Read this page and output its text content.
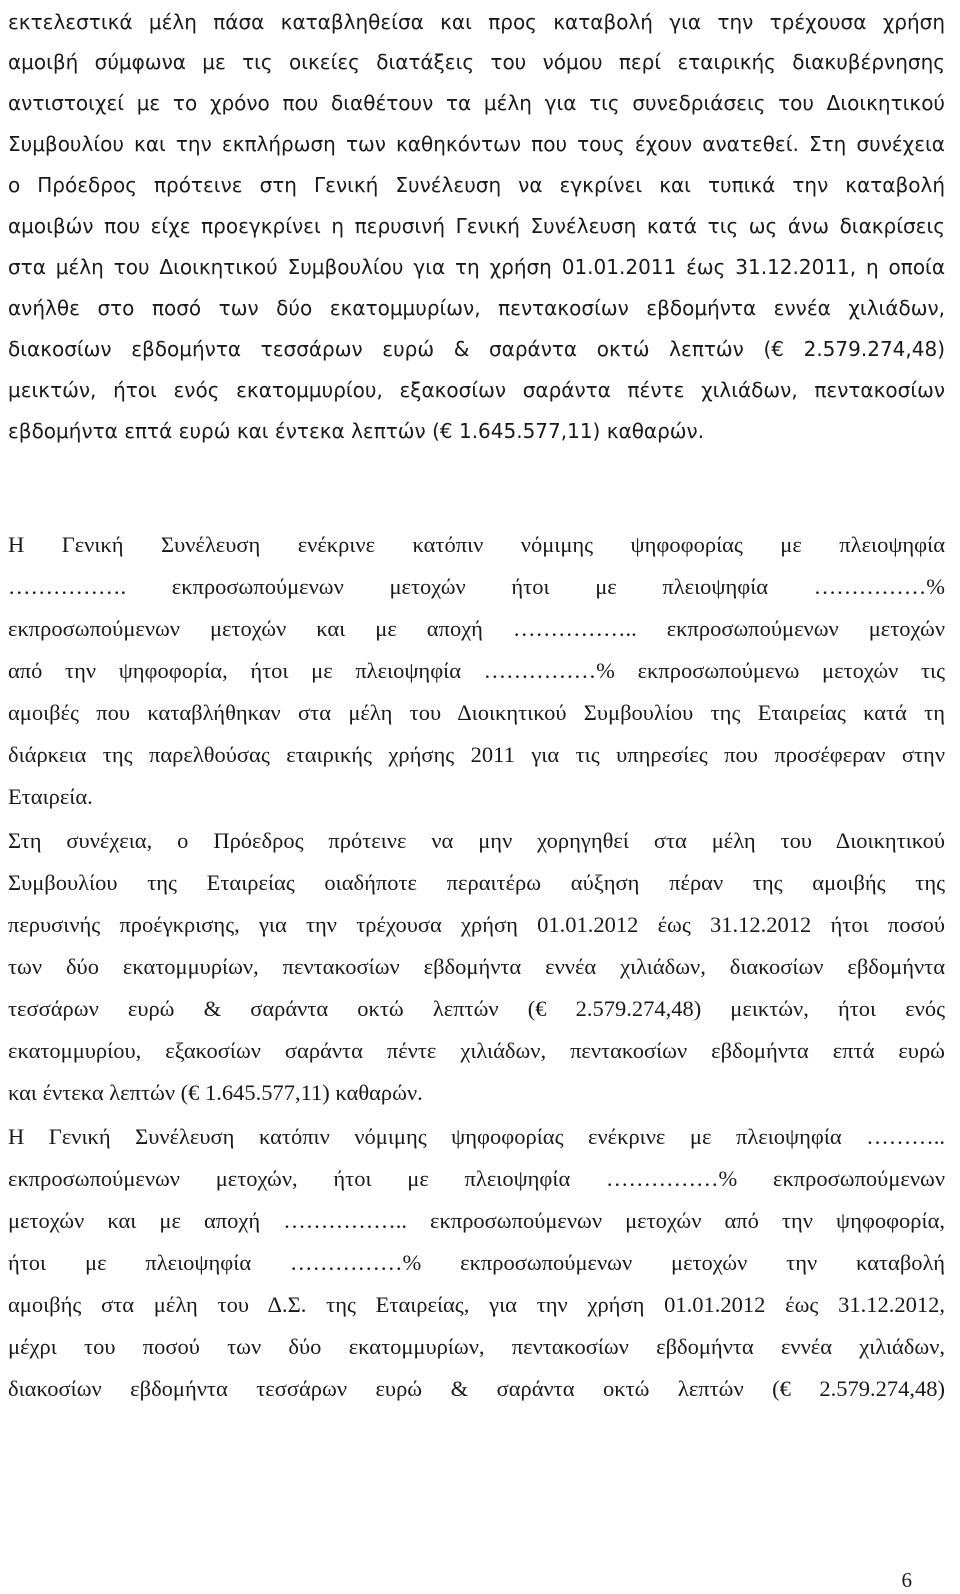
εκτελεστικά μέλη πάσα καταβληθείσα και προς καταβολή για την τρέχουσα χρήση
αμοιβή σύμφωνα με τις οικείες διατάξεις του νόμου περί εταιρικής διακυβέρνησης
αντιστοιχεί με το χρόνο που διαθέτουν τα μέλη για τις συνεδριάσεις του Διοικητικού
Συμβουλίου και την εκπλήρωση των καθηκόντων που τους έχουν ανατεθεί. Στη συνέχεια
ο Πρόεδρος πρότεινε στη Γενική Συνέλευση να εγκρίνει και τυπικά την καταβολή
αμοιβών που είχε προεγκρίνει η περυσινή Γενική Συνέλευση κατά τις ως άνω διακρίσεις
στα μέλη του Διοικητικού Συμβουλίου για τη χρήση 01.01.2011 έως 31.12.2011, η οποία
ανήλθε στο ποσό των δύο εκατομμυρίων, πεντακοσίων εβδομήντα εννέα χιλιάδων,
διακοσίων εβδομήντα τεσσάρων ευρώ & σαράντα οκτώ λεπτών (€ 2.579.274,48)
μεικτών, ήτοι ενός εκατομμυρίου, εξακοσίων σαράντα πέντε χιλιάδων, πεντακοσίων
εβδομήντα επτά ευρώ και έντεκα λεπτών (€ 1.645.577,11) καθαρών.
Η Γενική Συνέλευση ενέκρινε κατόπιν νόμιμης ψηφοφορίας με πλειοψηφία
……………. εκπροσωπούμενων μετοχών ήτοι με πλειοψηφία ……………%
εκπροσωπούμενων μετοχών και με αποχή …………….. εκπροσωπούμενων μετοχών
από την ψηφοφορία, ήτοι με πλειοψηφία ……………% εκπροσωπούμενω μετοχών τις
αμοιβές που καταβλήθηκαν στα μέλη του Διοικητικού Συμβουλίου της Εταιρείας κατά τη
διάρκεια της παρελθούσας εταιρικής χρήσης 2011 για τις υπηρεσίες που προσέφεραν στην
Εταιρεία.
Στη συνέχεια, ο Πρόεδρος πρότεινε να μην χορηγηθεί στα μέλη του Διοικητικού
Συμβουλίου της Εταιρείας οιαδήποτε περαιτέρω αύξηση πέραν της αμοιβής της
περυσινής προέγκρισης, για την τρέχουσα χρήση 01.01.2012 έως 31.12.2012 ήτοι ποσού
των δύο εκατομμυρίων, πεντακοσίων εβδομήντα εννέα χιλιάδων, διακοσίων εβδομήντα
τεσσάρων ευρώ & σαράντα οκτώ λεπτών (€ 2.579.274,48) μεικτών, ήτοι ενός
εκατομμυρίου, εξακοσίων σαράντα πέντε χιλιάδων, πεντακοσίων εβδομήντα επτά ευρώ
και έντεκα λεπτών (€ 1.645.577,11) καθαρών.
Η Γενική Συνέλευση κατόπιν νόμιμης ψηφοφορίας ενέκρινε με πλειοψηφία ………..
εκπροσωπούμενων μετοχών, ήτοι με πλειοψηφία ……………% εκπροσωπούμενων
μετοχών και με αποχή …………….. εκπροσωπούμενων μετοχών από την ψηφοφορία,
ήτοι με πλειοψηφία ……………% εκπροσωπούμενων μετοχών την καταβολή
αμοιβής στα μέλη του Δ.Σ. της Εταιρείας, για την χρήση 01.01.2012 έως 31.12.2012,
μέχρι του ποσού των δύο εκατομμυρίων, πεντακοσίων εβδομήντα εννέα χιλιάδων,
διακοσίων εβδομήντα τεσσάρων ευρώ & σαράντα οκτώ λεπτών (€ 2.579.274,48)
6
